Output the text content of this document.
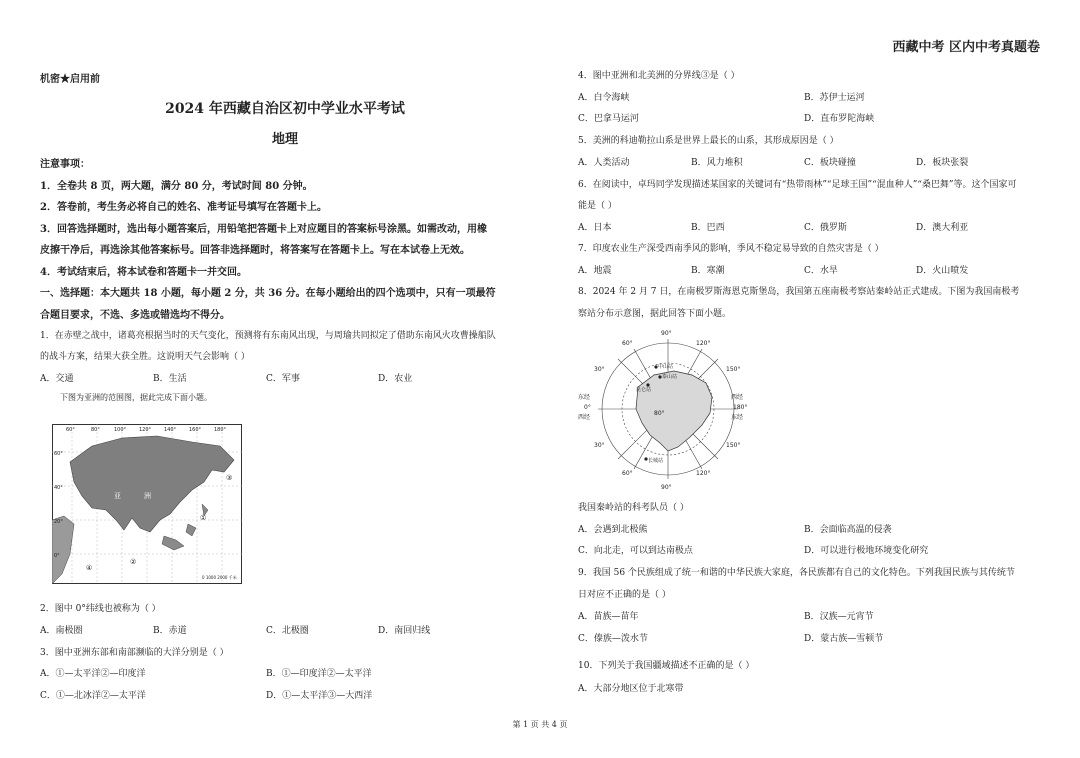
西藏中考 区内中考真题卷
机密★启用前
2024 年西藏自治区初中学业水平考试
地理
注意事项：
1．全卷共 8 页，两大题，满分 80 分，考试时间 80 分钟。
2．答卷前，考生务必将自己的姓名、准考证号填写在答题卡上。
3．回答选择题时，选出每小题答案后，用铅笔把答题卡上对应题目的答案标号涂黑。如需改动，用橡
皮擦干净后，再选涂其他答案标号。回答非选择题时，将答案写在答题卡上。写在本试卷上无效。
4．考试结束后，将本试卷和答题卡一并交回。
一、选择题：本大题共 18 小题，每小题 2 分，共 36 分。在每小题给出的四个选项中，只有一项最符
合题目要求，不选、多选或错选均不得分。
1．在赤壁之战中，诸葛亮根据当时的天气变化，预测将有东南风出现，与周瑜共同拟定了借助东南风火攻曹操船队
的战斗方案，结果大获全胜。这说明天气会影响（ ）
A．交通	B．生活	C．军事	D．农业
下图为亚洲的范围图，据此完成下面小题。
60°	80°	100°	120°	140°	160°	180°
60°
40°
20°
0°
亚	洲
①
②
③
④
0 1000 2000 千米
2．图中 0°纬线也被称为（ ）
A．南极圈	B．赤道	C．北极圈	D．南回归线
3．图中亚洲东部和南部濒临的大洋分别是（ ）
A．①—太平洋②—印度洋	B．①—印度洋②—太平洋
C．①—北冰洋②—太平洋	D．①—太平洋③—大西洋
4．图中亚洲和北美洲的分界线③是（ ）
A．白令海峡	B．苏伊士运河
C．巴拿马运河	D．直布罗陀海峡
5．美洲的科迪勒拉山系是世界上最长的山系，其形成原因是（ ）
A．人类活动	B．风力堆积	C．板块碰撞	D．板块张裂
6．在阅读中，卓玛同学发现描述某国家的关键词有“热带雨林”“足球王国”“混血种人”“桑巴舞”等。这个国家可
能是（ ）
A．日本	B．巴西	C．俄罗斯	D．澳大利亚
7．印度农业生产深受西南季风的影响，季风不稳定易导致的自然灾害是（ ）
A．地震	B．寒潮	C．水旱	D．火山喷发
8．2024 年 2 月 7 日，在南极罗斯海恩克斯堡岛，我国第五座南极考察站秦岭站正式建成。下图为我国南极考
察站分布示意图，据此回答下面小题。
90°
90°
80°
60°
30°
东经
0°
西经
30°
60°
120°
150°
西经
180°
东经
150°
120°
中山站
泰山站
昆仑站
长城站
我国秦岭站的科考队员（ ）
A．会遇到北极熊	B．会面临高温的侵袭
C．向北走，可以到达南极点	D．可以进行极地环境变化研究
9．我国 56 个民族组成了统一和谐的中华民族大家庭，各民族都有自己的文化特色。下列我国民族与其传统节
日对应不正确的是（ ）
A．苗族—苗年	B．汉族—元宵节
C．傣族—泼水节	D．蒙古族—雪顿节
10．下列关于我国疆域描述不正确的是（ ）
A．大部分地区位于北寒带
第 1 页 共 4 页
